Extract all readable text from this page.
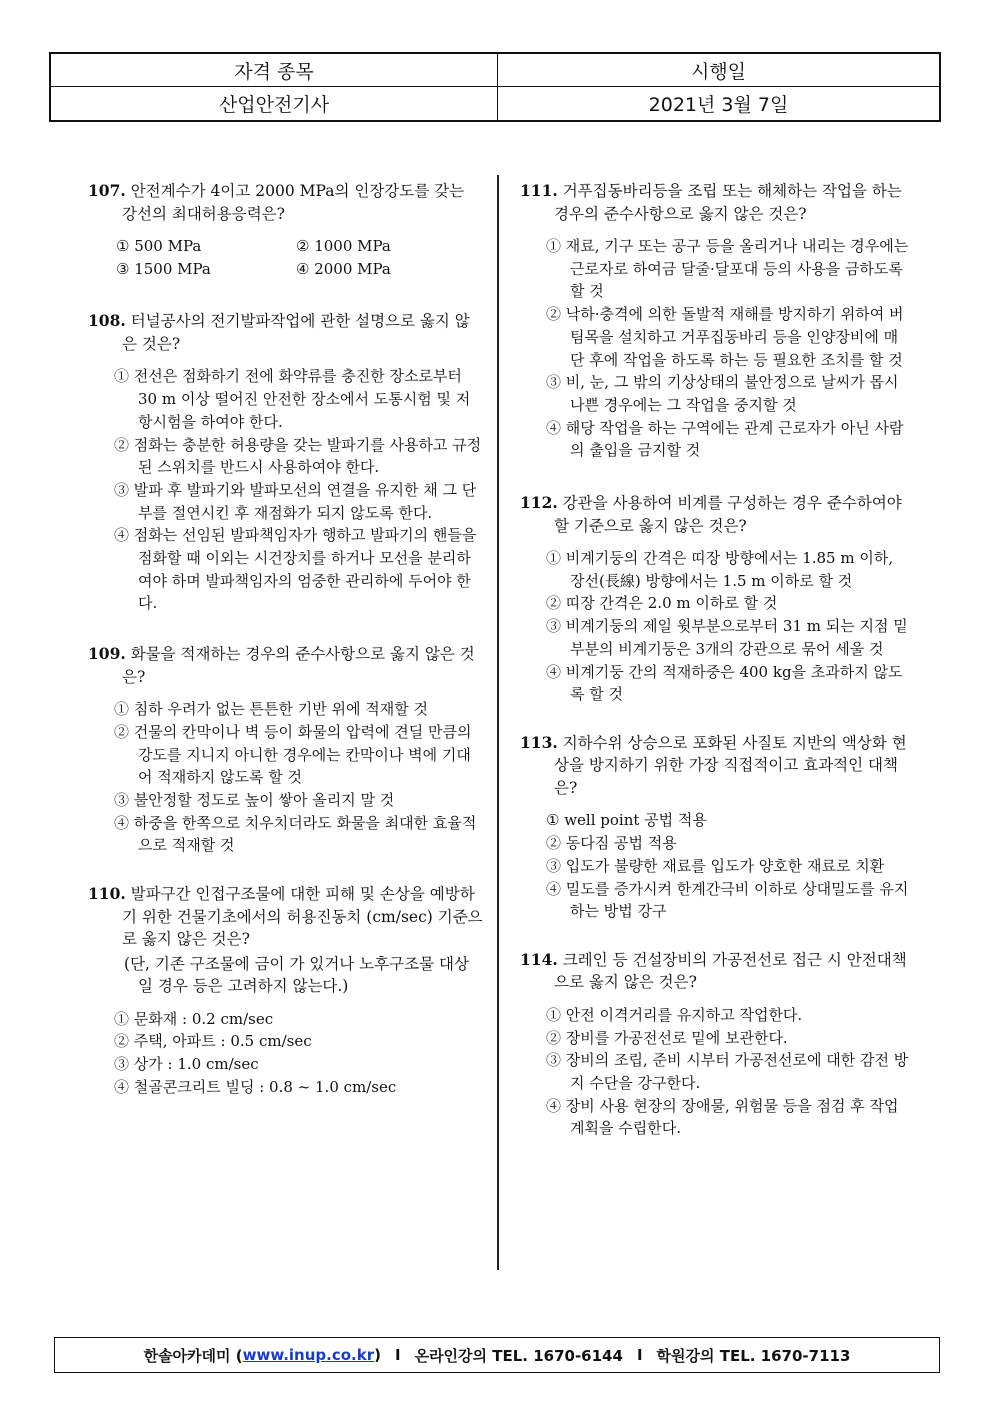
자격 종목	시행일
산업안전기사	2021년 3월 7일
107. 안전계수가 4이고 2000 MPa의 인장강도를 갖는 강선의 최대허용응력은?
① 500 MPa	② 1000 MPa
③ 1500 MPa	④ 2000 MPa
108. 터널공사의 전기발파작업에 관한 설명으로 옳지 않은 것은?
① 전선은 점화하기 전에 화약류를 충진한 장소로부터 30 m 이상 떨어진 안전한 장소에서 도통시험 및 저항시험을 하여야 한다.
② 점화는 충분한 허용량을 갖는 발파기를 사용하고 규정된 스위치를 반드시 사용하여야 한다.
③ 발파 후 발파기와 발파모선의 연결을 유지한 채 그 단부를 절연시킨 후 재점화가 되지 않도록 한다.
④ 점화는 선임된 발파책임자가 행하고 발파기의 핸들을 점화할 때 이외는 시건장치를 하거나 모선을 분리하여야 하며 발파책임자의 엄중한 관리하에 두어야 한다.
109. 화물을 적재하는 경우의 준수사항으로 옳지 않은 것은?
① 침하 우려가 없는 튼튼한 기반 위에 적재할 것
② 건물의 칸막이나 벽 등이 화물의 압력에 견딜 만큼의 강도를 지니지 아니한 경우에는 칸막이나 벽에 기대어 적재하지 않도록 할 것
③ 불안정할 정도로 높이 쌓아 올리지 말 것
④ 하중을 한쪽으로 치우치더라도 화물을 최대한 효율적으로 적재할 것
110. 발파구간 인접구조물에 대한 피해 및 손상을 예방하기 위한 건물기초에서의 허용진동치 (cm/sec) 기준으로 옳지 않은 것은?
(단, 기존 구조물에 금이 가 있거나 노후구조물 대상일 경우 등은 고려하지 않는다.)
① 문화재 : 0.2 cm/sec
② 주택, 아파트 : 0.5 cm/sec
③ 상가 : 1.0 cm/sec
④ 철골콘크리트 빌딩 : 0.8 ~ 1.0 cm/sec
111. 거푸집동바리등을 조립 또는 해체하는 작업을 하는 경우의 준수사항으로 옳지 않은 것은?
① 재료, 기구 또는 공구 등을 올리거나 내리는 경우에는 근로자로 하여금 달줄·달포대 등의 사용을 금하도록 할 것
② 낙하·충격에 의한 돌발적 재해를 방지하기 위하여 버팀목을 설치하고 거푸집동바리 등을 인양장비에 매단 후에 작업을 하도록 하는 등 필요한 조치를 할 것
③ 비, 눈, 그 밖의 기상상태의 불안정으로 날씨가 몹시 나쁜 경우에는 그 작업을 중지할 것
④ 해당 작업을 하는 구역에는 관계 근로자가 아닌 사람의 출입을 금지할 것
112. 강관을 사용하여 비계를 구성하는 경우 준수하여야 할 기준으로 옳지 않은 것은?
① 비계기둥의 간격은 띠장 방향에서는 1.85 m 이하, 장선(長線) 방향에서는 1.5 m 이하로 할 것
② 띠장 간격은 2.0 m 이하로 할 것
③ 비계기둥의 제일 윗부분으로부터 31 m 되는 지점 밑부분의 비계기둥은 3개의 강관으로 묶어 세울 것
④ 비계기둥 간의 적재하중은 400 kg을 초과하지 않도록 할 것
113. 지하수위 상승으로 포화된 사질토 지반의 액상화 현상을 방지하기 위한 가장 직접적이고 효과적인 대책은?
① well point 공법 적용
② 동다짐 공법 적용
③ 입도가 불량한 재료를 입도가 양호한 재료로 치환
④ 밀도를 증가시켜 한계간극비 이하로 상대밀도를 유지하는 방법 강구
114. 크레인 등 건설장비의 가공전선로 접근 시 안전대책으로 옳지 않은 것은?
① 안전 이격거리를 유지하고 작업한다.
② 장비를 가공전선로 밑에 보관한다.
③ 장비의 조립, 준비 시부터 가공전선로에 대한 감전 방지 수단을 강구한다.
④ 장비 사용 현장의 장애물, 위험물 등을 점검 후 작업계획을 수립한다.
한솔아카데미 ( www.inup.co.kr ) I 온라인강의 TEL. 1670-6144 I 학원강의 TEL. 1670-7113
